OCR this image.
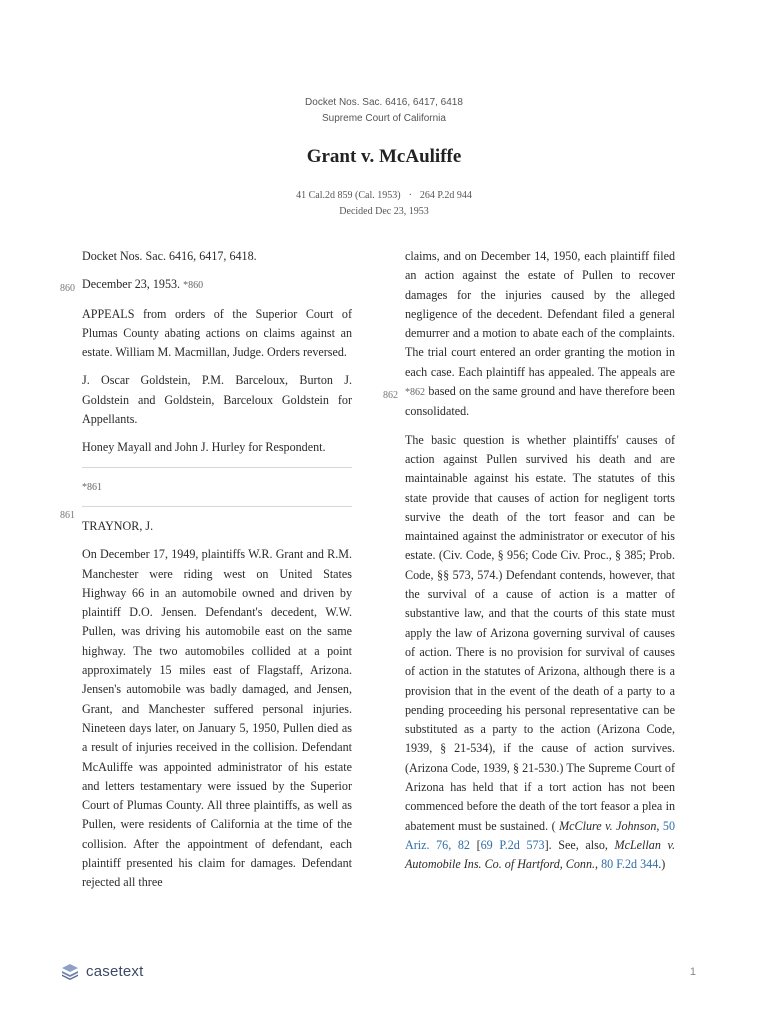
Docket Nos. Sac. 6416, 6417, 6418
Supreme Court of California
Grant v. McAuliffe
41 Cal.2d 859 (Cal. 1953) · 264 P.2d 944
Decided Dec 23, 1953
860
861
862

Docket Nos. Sac. 6416, 6417, 6418.

December 23, 1953. *860

APPEALS from orders of the Superior Court of Plumas County abating actions on claims against an estate. William M. Macmillan, Judge. Orders reversed.

J. Oscar Goldstein, P.M. Barceloux, Burton J. Goldstein and Goldstein, Barceloux Goldstein for Appellants.

Honey Mayall and John J. Hurley for Respondent.

*861

TRAYNOR, J.

On December 17, 1949, plaintiffs W.R. Grant and R.M. Manchester were riding west on United States Highway 66 in an automobile owned and driven by plaintiff D.O. Jensen. Defendant's decedent, W.W. Pullen, was driving his automobile east on the same highway. The two automobiles collided at a point approximately 15 miles east of Flagstaff, Arizona. Jensen's automobile was badly damaged, and Jensen, Grant, and Manchester suffered personal injuries. Nineteen days later, on January 5, 1950, Pullen died as a result of injuries received in the collision. Defendant McAuliffe was appointed administrator of his estate and letters testamentary were issued by the Superior Court of Plumas County. All three plaintiffs, as well as Pullen, were residents of California at the time of the collision. After the appointment of defendant, each plaintiff presented his claim for damages. Defendant rejected all three

claims, and on December 14, 1950, each plaintiff filed an action against the estate of Pullen to recover damages for the injuries caused by the alleged negligence of the decedent. Defendant filed a general demurrer and a motion to abate each of the complaints. The trial court entered an order granting the motion in each case. Each plaintiff has appealed. The appeals are *862 based on the same ground and have therefore been consolidated.

The basic question is whether plaintiffs' causes of action against Pullen survived his death and are maintainable against his estate. The statutes of this state provide that causes of action for negligent torts survive the death of the tort feasor and can be maintained against the administrator or executor of his estate. (Civ. Code, § 956; Code Civ. Proc., § 385; Prob. Code, §§ 573, 574.) Defendant contends, however, that the survival of a cause of action is a matter of substantive law, and that the courts of this state must apply the law of Arizona governing survival of causes of action. There is no provision for survival of causes of action in the statutes of Arizona, although there is a provision that in the event of the death of a party to a pending proceeding his personal representative can be substituted as a party to the action (Arizona Code, 1939, § 21-534), if the cause of action survives. (Arizona Code, 1939, § 21-530.) The Supreme Court of Arizona has held that if a tort action has not been commenced before the death of the tort feasor a plea in abatement must be sustained. ( McClure v. Johnson, 50 Ariz. 76, 82 [69 P.2d 573]. See, also, McLellan v. Automobile Ins. Co. of Hartford, Conn., 80 F.2d 344.)

casetext	1
